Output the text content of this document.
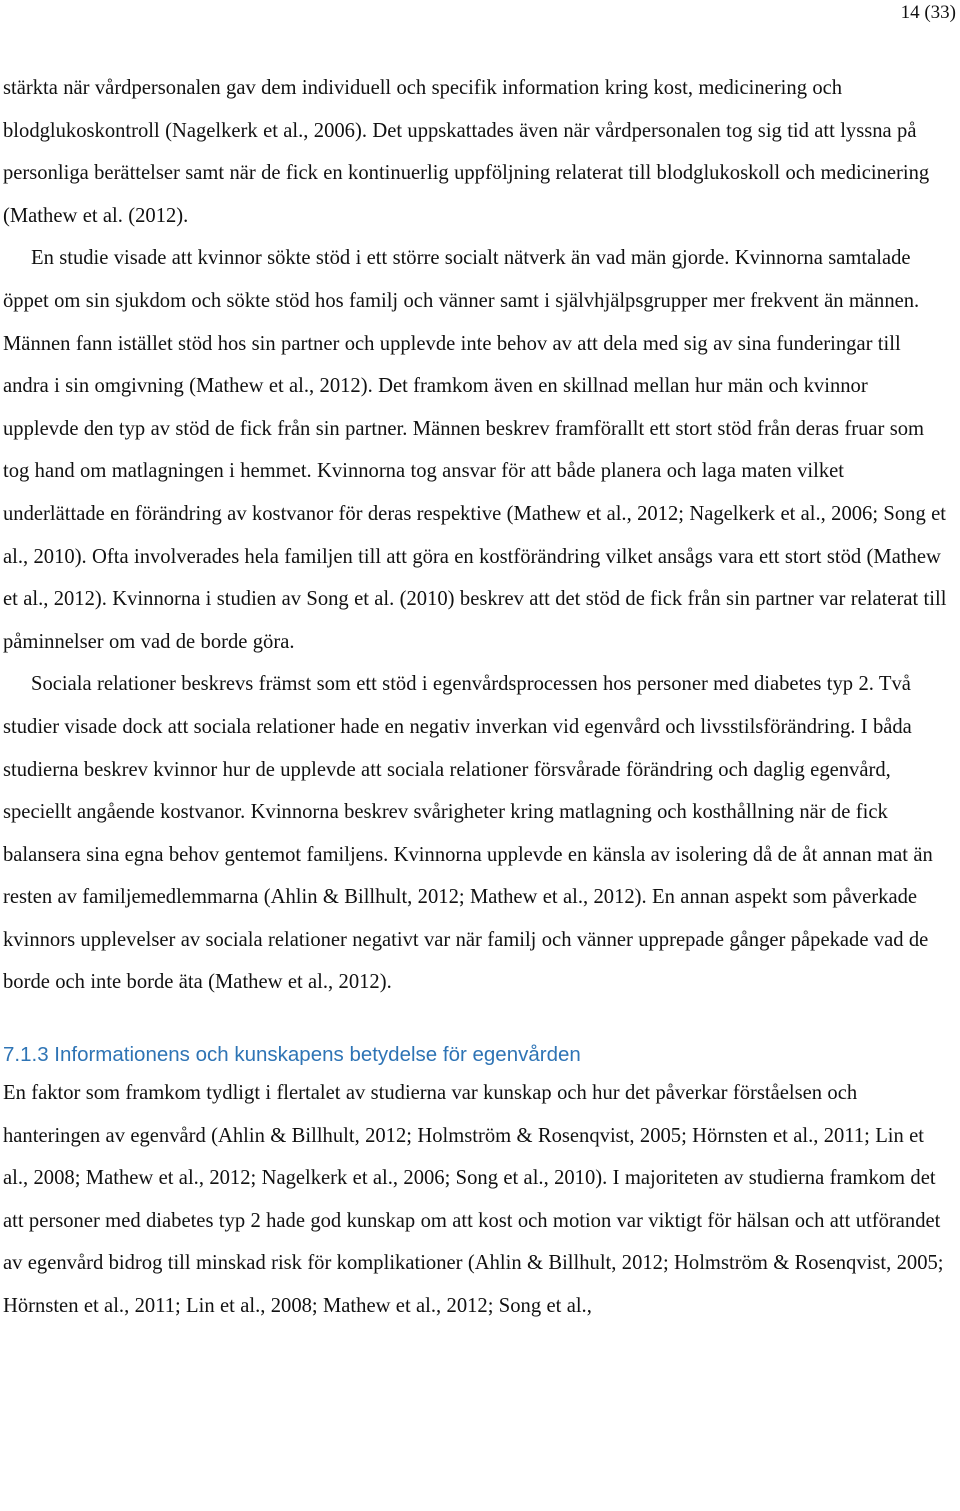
14 (33)

stärkta när vårdpersonalen gav dem individuell och specifik information kring kost, medicinering och blodglukoskontroll (Nagelkerk et al., 2006). Det uppskattades även när vårdpersonalen tog sig tid att lyssna på personliga berättelser samt när de fick en kontinuerlig uppföljning relaterat till blodglukoskoll och medicinering (Mathew et al. (2012).

En studie visade att kvinnor sökte stöd i ett större socialt nätverk än vad män gjorde. Kvinnorna samtalade öppet om sin sjukdom och sökte stöd hos familj och vänner samt i självhjälpsgrupper mer frekvent än männen. Männen fann istället stöd hos sin partner och upplevde inte behov av att dela med sig av sina funderingar till andra i sin omgivning (Mathew et al., 2012). Det framkom även en skillnad mellan hur män och kvinnor upplevde den typ av stöd de fick från sin partner. Männen beskrev framförallt ett stort stöd från deras fruar som tog hand om matlagningen i hemmet. Kvinnorna tog ansvar för att både planera och laga maten vilket underlättade en förändring av kostvanor för deras respektive (Mathew et al., 2012; Nagelkerk et al., 2006; Song et al., 2010). Ofta involverades hela familjen till att göra en kostförändring vilket ansågs vara ett stort stöd (Mathew et al., 2012). Kvinnorna i studien av Song et al. (2010) beskrev att det stöd de fick från sin partner var relaterat till påminnelser om vad de borde göra.

Sociala relationer beskrevs främst som ett stöd i egenvårdsprocessen hos personer med diabetes typ 2. Två studier visade dock att sociala relationer hade en negativ inverkan vid egenvård och livsstilsförändring. I båda studierna beskrev kvinnor hur de upplevde att sociala relationer försvårade förändring och daglig egenvård, speciellt angående kostvanor. Kvinnorna beskrev svårigheter kring matlagning och kosthållning när de fick balansera sina egna behov gentemot familjens. Kvinnorna upplevde en känsla av isolering då de åt annan mat än resten av familjemedlemmarna (Ahlin & Billhult, 2012; Mathew et al., 2012). En annan aspekt som påverkade kvinnors upplevelser av sociala relationer negativt var när familj och vänner upprepade gånger påpekade vad de borde och inte borde äta (Mathew et al., 2012).

7.1.3 Informationens och kunskapens betydelse för egenvården

En faktor som framkom tydligt i flertalet av studierna var kunskap och hur det påverkar förståelsen och hanteringen av egenvård (Ahlin & Billhult, 2012; Holmström & Rosenqvist, 2005; Hörnsten et al., 2011; Lin et al., 2008; Mathew et al., 2012; Nagelkerk et al., 2006; Song et al., 2010). I majoriteten av studierna framkom det att personer med diabetes typ 2 hade god kunskap om att kost och motion var viktigt för hälsan och att utförandet av egenvård bidrog till minskad risk för komplikationer (Ahlin & Billhult, 2012; Holmström & Rosenqvist, 2005; Hörnsten et al., 2011; Lin et al., 2008; Mathew et al., 2012; Song et al.,
